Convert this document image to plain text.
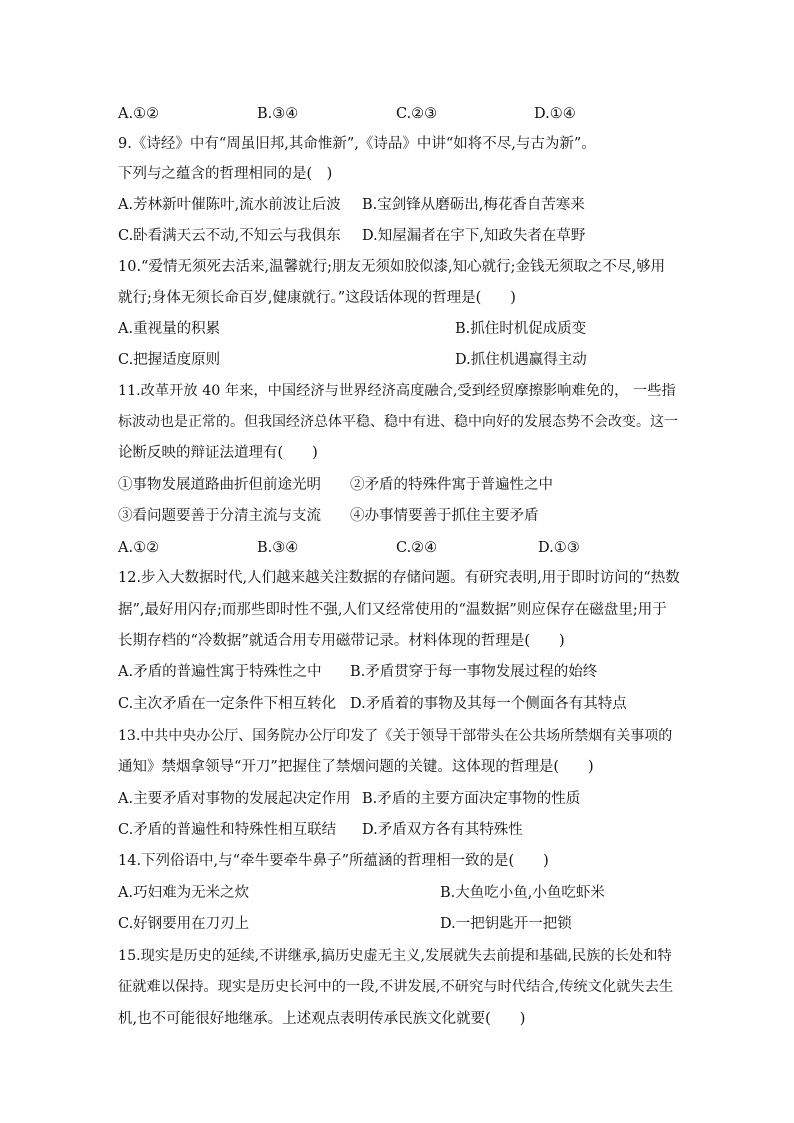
A.①②	B.③④	C.②③	D.①④
9.《诗经》中有“周虽旧邦,其命惟新”,《诗品》中讲“如将不尽,与古为新”。
下列与之蕴含的哲理相同的是(　)
A.芳林新叶催陈叶,流水前波让后波 B.宝剑锋从磨砺出,梅花香自苦寒来
C.卧看满天云不动,不知云与我俱东 D.知屋漏者在宇下,知政失者在草野
10.“爱情无须死去活来,温馨就行;朋友无须如胶似漆,知心就行;金钱无须取之不尽,够用
就行;身体无须长命百岁,健康就行。”这段话体现的哲理是(　　)
A.重视量的积累	B.抓住时机促成质变
C.把握适度原则	D.抓住机遇赢得主动
11.改革开放 40 年来，中国经济与世界经济高度融合,受到经贸摩擦影响难免的， 一些指
标波动也是正常的。但我国经济总体平稳、稳中有进、稳中向好的发展态势不会改变。这一
论断反映的辩证法道理有(　　)
①事物发展道路曲折但前途光明 ②矛盾的特殊件寓于普遍性之中
③看问题要善于分清主流与支流 ④办事情要善于抓住主要矛盾
A.①②	B.③④	C.②④	D.①③
12.步入大数据时代,人们越来越关注数据的存储问题。有研究表明,用于即时访问的“热数
据”,最好用闪存;而那些即时性不强,人们又经常使用的“温数据”则应保存在磁盘里;用于
长期存档的“冷数据”就适合用专用磁带记录。材料体现的哲理是(　　)
A.矛盾的普遍性寓于特殊性之中 B.矛盾贯穿于每一事物发展过程的始终
C.主次矛盾在一定条件下相互转化 D.矛盾着的事物及其每一个侧面各有其特点
13.中共中央办公厅、国务院办公厅印发了《关于领导干部带头在公共场所禁烟有关事项的
通知》禁烟拿领导“开刀”把握住了禁烟问题的关键。这体现的哲理是(　　)
A.主要矛盾对事物的发展起决定作用 B.矛盾的主要方面决定事物的性质
C.矛盾的普遍性和特殊性相互联结 D.矛盾双方各有其特殊性
14.下列俗语中,与“牵牛要牵牛鼻子”所蕴涵的哲理相一致的是(　　)
A.巧妇难为无米之炊	B.大鱼吃小鱼,小鱼吃虾米
C.好钢要用在刀刃上	D.一把钥匙开一把锁
15.现实是历史的延续,不讲继承,搞历史虚无主义,发展就失去前提和基础,民族的长处和特
征就难以保持。现实是历史长河中的一段,不讲发展,不研究与时代结合,传统文化就失去生
机,也不可能很好地继承。上述观点表明传承民族文化就要(　　)
